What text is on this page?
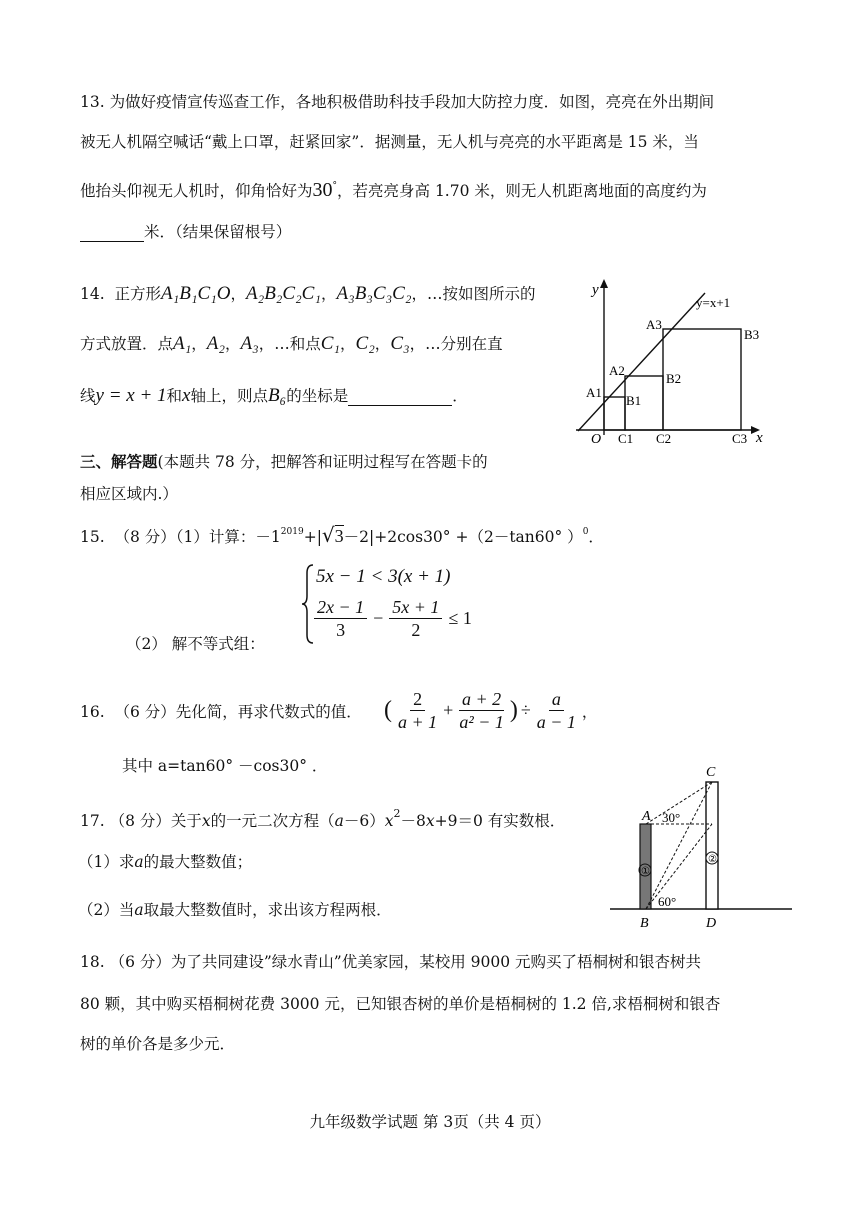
13. 为做好疫情宣传巡查工作，各地积极借助科技手段加大防控力度．如图，亮亮在外出期间
被无人机隔空喊话“戴上口罩，赶紧回家”．据测量，无人机与亮亮的水平距离是 15 米，当
他抬头仰视无人机时，仰角恰好为30°，若亮亮身高 1.70 米，则无人机距离地面的高度约为
米．（结果保留根号）
14. 正方形A₁B₁C₁O，A₂B₂C₂C₁，A₃B₃C₃C₂，…按如图所示的
方式放置．点A₁，A₂，A₃，…和点C₁，C₂，C₃，…分别在直
线y = x + 1和x轴上，则点B₆的坐标是	．
y
x
y=x+1
O
A1
A2
A3
B1
B2
B3
C1 C2	C3
三、解答题(本题共 78 分，把解答和证明过程写在答题卡的
相应区域内.）
15. （8 分）（1）计算：$-1^{2019}+|√3-2|+2\cos 30^\circ +(2-\tan 60^\circ$ ）$^0$．
（2） 解不等式组：
5x − 1 < 3(x + 1)
$\frac{2x - 1}{3} - \frac{5x + 1}{2} \le 1$
16. （6 分）先化简，再求代数式的值． ( $\frac{2}{a + 1} + \frac{a + 2}{\text{a² − 1}}$ ) ÷ $\frac{a}{a - 1}$ ，
其中 a=tan60° －cos30° ．
17. （8 分）关于x的一元二次方程$(a-6)x^2-8x+9=0$ 有实数根．
（1）求a的最大整数值；
（2）当a取最大整数值时，求出该方程两根．
①
②
C
A
B	D
30°
60°
18. （6 分）为了共同建设”绿水青山”优美家园，某校用 9000 元购买了梧桐树和银杏树共
80 颗，其中购买梧桐树花费 3000 元，已知银杏树的单价是梧桐树的 1.2 倍,求梧桐树和银杏
树的单价各是多少元．
九年级数学试题 第 3页（共 4 页）
